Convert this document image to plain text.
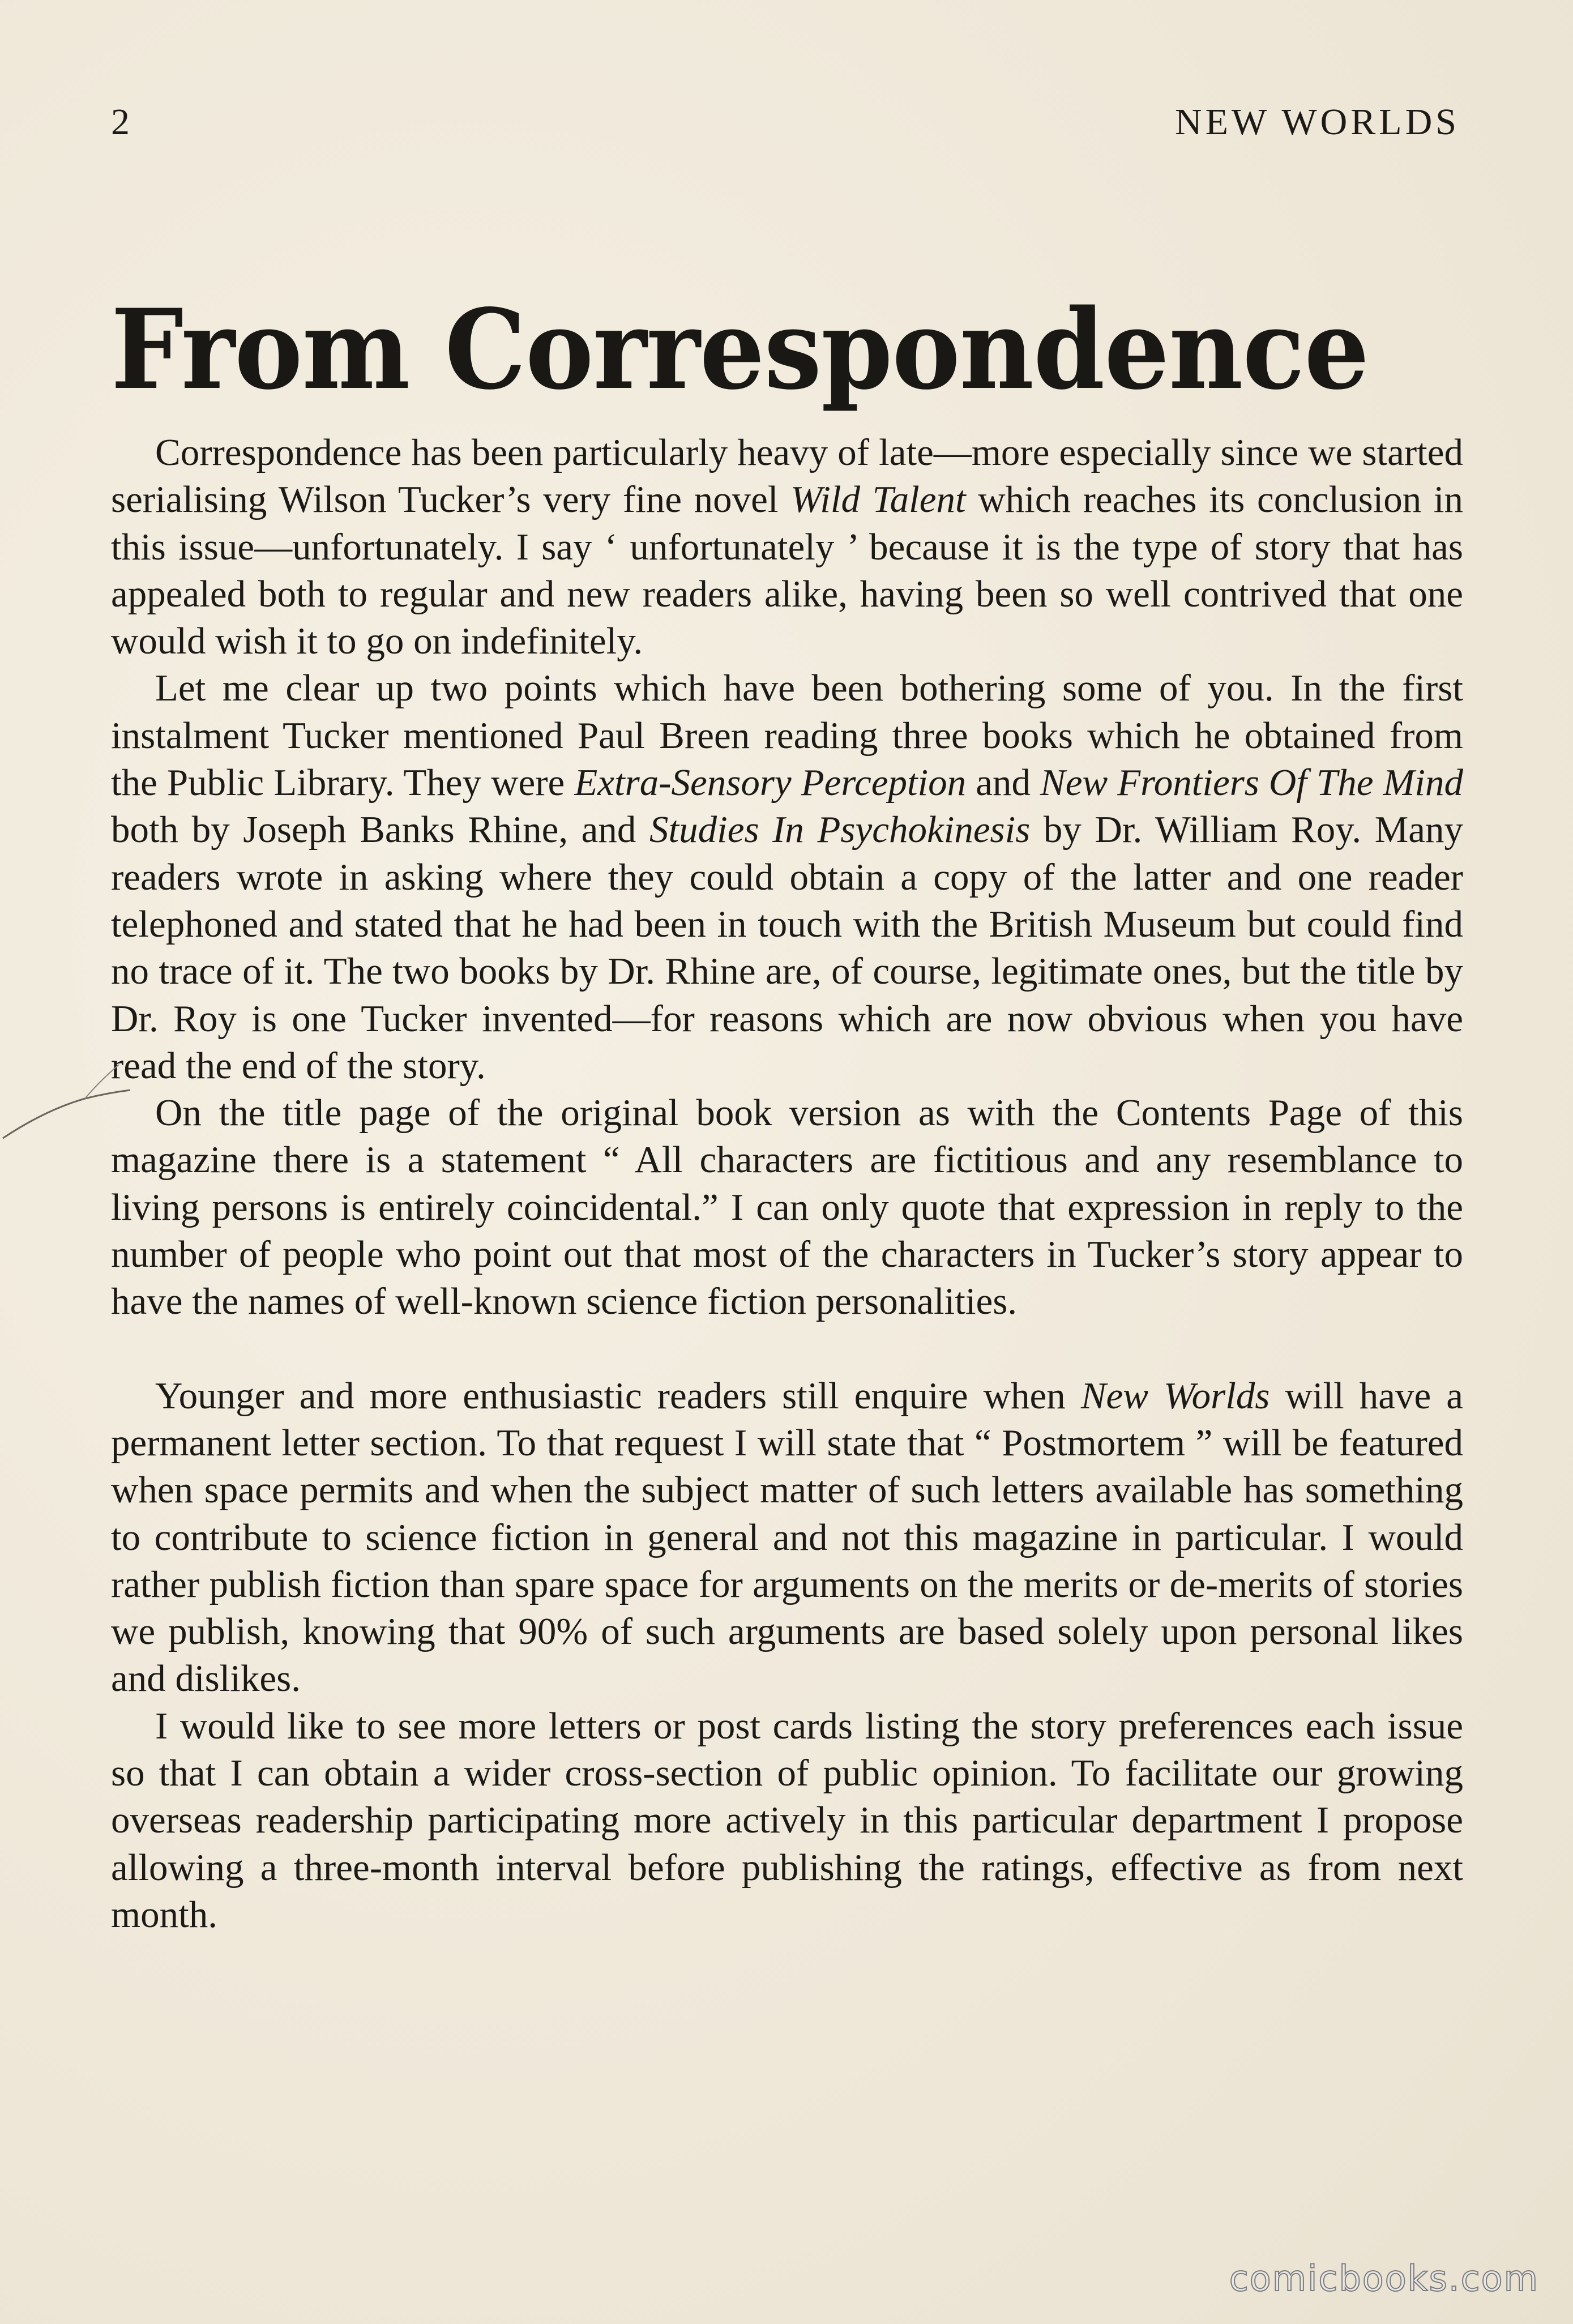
2	NEW WORLDS
From Correspondence

Correspondence has been particularly heavy of late—more especially since we started serialising Wilson Tucker’s very fine novel Wild Talent which reaches its conclusion in this issue—unfortunately. I say ‘ unfortunately ’ because it is the type of story that has appealed both to regular and new readers alike, having been so well contrived that one would wish it to go on indefinitely.

Let me clear up two points which have been bothering some of you. In the first instalment Tucker mentioned Paul Breen reading three books which he obtained from the Public Library. They were Extra-Sensory Perception and New Frontiers Of The Mind both by Joseph Banks Rhine, and Studies In Psychokinesis by Dr. William Roy. Many readers wrote in asking where they could obtain a copy of the latter and one reader telephoned and stated that he had been in touch with the British Museum but could find no trace of it. The two books by Dr. Rhine are, of course, legitimate ones, but the title by Dr. Roy is one Tucker invented—for reasons which are now obvious when you have read the end of the story.

On the title page of the original book version as with the Contents Page of this magazine there is a statement “ All characters are fictitious and any resemblance to living persons is entirely coincidental.” I can only quote that expression in reply to the number of people who point out that most of the characters in Tucker’s story appear to have the names of well-known science fiction personalities.

Younger and more enthusiastic readers still enquire when New Worlds will have a permanent letter section. To that request I will state that “ Postmortem ” will be featured when space permits and when the subject matter of such letters available has something to contribute to science fiction in general and not this magazine in particular. I would rather publish fiction than spare space for arguments on the merits or de-merits of stories we publish, knowing that 90% of such arguments are based solely upon personal likes and dislikes.

I would like to see more letters or post cards listing the story preferences each issue so that I can obtain a wider cross-section of public opinion. To facilitate our growing overseas readership participating more actively in this particular department I propose allowing a three-month interval before publishing the ratings, effective as from next month.

comicbooks.com
